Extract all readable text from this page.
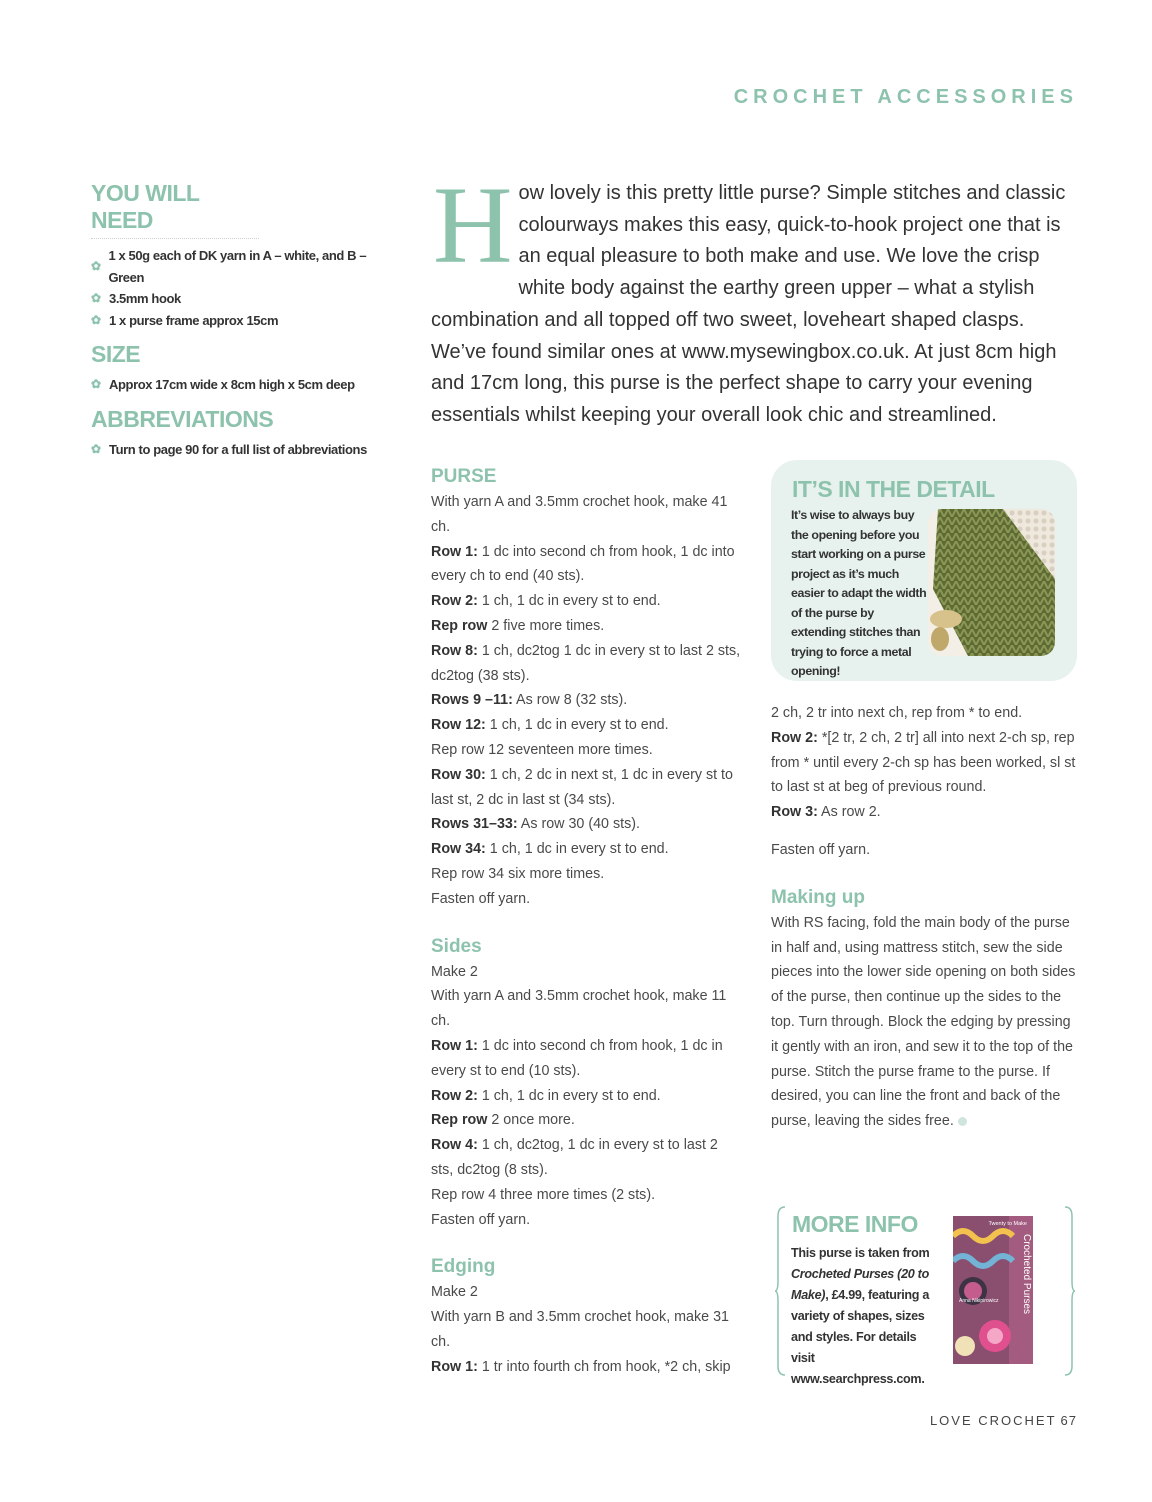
CROCHET ACCESSORIES
YOU WILL NEED
✿
1 x 50g each of DK yarn in A – white, and B – Green
✿ 3.5mm hook
✿ 1 x purse frame approx 15cm
SIZE
✿ Approx 17cm wide x 8cm high x 5cm deep
ABBREVIATIONS
✿ Turn to page 90 for a full list of abbreviations
How lovely is this pretty little purse? Simple stitches and classic colourways makes this easy, quick-to-hook project one that is an equal pleasure to both make and use. We love the crisp white body against the earthy green upper – what a stylish combination and all topped off two sweet, loveheart shaped clasps. We’ve found similar ones at www.mysewingbox.co.uk. At just 8cm high and 17cm long, this purse is the perfect shape to carry your evening essentials whilst keeping your overall look chic and streamlined.

PURSE

With yarn A and 3.5mm crochet hook, make 41 ch.

Row 1: 1 dc into second ch from hook, 1 dc into every ch to end (40 sts).

Row 2: 1 ch, 1 dc in every st to end.

Rep row 2 five more times.

Row 8: 1 ch, dc2tog 1 dc in every st to last 2 sts, dc2tog (38 sts).

Rows 9 –11: As row 8 (32 sts).

Row 12: 1 ch, 1 dc in every st to end.

Rep row 12 seventeen more times.

Row 30: 1 ch, 2 dc in next st, 1 dc in every st to last st, 2 dc in last st (34 sts).

Rows 31–33: As row 30 (40 sts).

Row 34: 1 ch, 1 dc in every st to end.

Rep row 34 six more times.

Fasten off yarn.

Sides

Make 2

With yarn A and 3.5mm crochet hook, make 11 ch.

Row 1: 1 dc into second ch from hook, 1 dc in every st to end (10 sts).

Row 2: 1 ch, 1 dc in every st to end.

Rep row 2 once more.

Row 4: 1 ch, dc2tog, 1 dc in every st to last 2 sts, dc2tog (8 sts).

Rep row 4 three more times (2 sts).

Fasten off yarn.

Edging

Make 2

With yarn B and 3.5mm crochet hook, make 31 ch.

Row 1: 1 tr into fourth ch from hook, *2 ch, skip

IT’S IN THE DETAIL
It’s wise to always buy the opening before you start working on a purse project as it’s much easier to adapt the width of the purse by extending stitches than trying to force a metal opening!

2 ch, 2 tr into next ch, rep from * to end.

Row 2: *[2 tr, 2 ch, 2 tr] all into next 2-ch sp, rep from * until every 2-ch sp has been worked, sl st to last st at beg of previous round.

Row 3: As row 2.

Fasten off yarn.

Making up

With RS facing, fold the main body of the purse in half and, using mattress stitch, sew the side pieces into the lower side opening on both sides of the purse, then continue up the sides to the top. Turn through. Block the edging by pressing it gently with an iron, and sew it to the top of the purse. Stitch the purse frame to the purse. If desired, you can line the front and back of the purse, leaving the sides free.

MORE INFO
This purse is taken from Crocheted Purses (20 to Make), £4.99, featuring a variety of shapes, sizes and styles. For details visit www.searchpress.com.
Twenty to Make
Crocheted Purses
Anna Nikipirowicz
LOVE CROCHET 67
